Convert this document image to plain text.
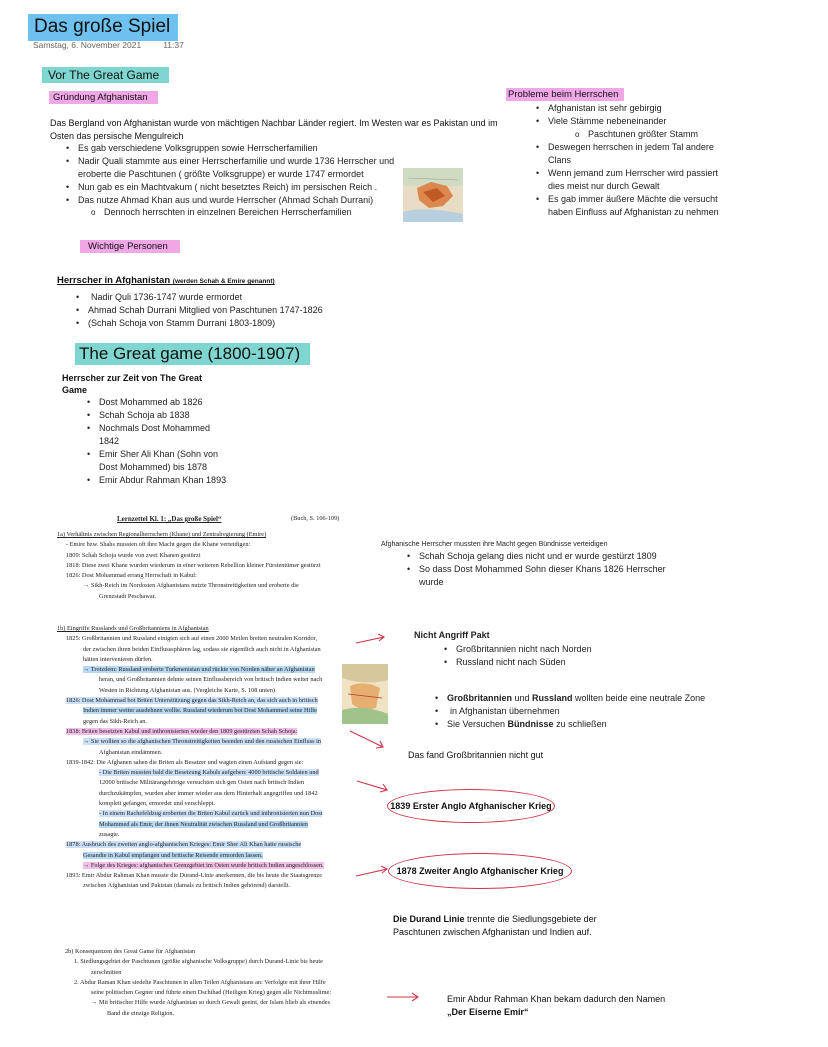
Das große Spiel
Samstag, 6. November 2021	11:37
Vor The Great Game
Gründung Afghanistan
Das Bergland von Afghanistan wurde von mächtigen Nachbar Länder regiert. Im Westen war es Pakistan und im Osten das persische Mengulreich
• Es gab verschiedene Volksgruppen sowie Herrscherfamilien
• Nadir Quali stammte aus einer Herrscherfamilie und wurde 1736 Herrscher und eroberte die Paschtunen ( größte Volksgruppe) er wurde 1747 ermordet
• Nun gab es ein Machtvakum ( nicht besetztes Reich) im persischen Reich .
• Das nutze Ahmad Khan aus und wurde Herrscher (Ahmad Schah Durrani)
o Dennoch herrschten in einzelnen Bereichen Herrscherfamilien
Wichtige Personen
Probleme beim Herrschen
• Afghanistan ist sehr gebirgig
• Viele Stämme nebeneinander
o Paschtunen größter Stamm
• Deswegen herrschen in jedem Tal andere Clans
• Wenn jemand zum Herrscher wird passiert dies meist nur durch Gewalt
• Es gab immer äußere Mächte die versucht haben Einfluss auf Afghanistan zu nehmen
Herrscher in Afghanistan (werden Schah & Emire genannt)
• Nadir Quli 1736-1747 wurde ermordet
• Ahmad Schah Durrani Mitglied von Paschtunen 1747-1826
• (Schah Schoja von Stamm Durrani 1803-1809)
The Great game (1800-1907)
Herrscher zur Zeit von The Great Game
• Dost Mohammed ab 1826
• Schah Schoja ab 1838
• Nochmals Dost Mohammed 1842
• Emir Sher Ali Khan (Sohn von Dost Mohammed) bis 1878
• Emir Abdur Rahman Khan 1893
Lernzettel Kl. 1: „Das große Spiel“	(Buch, S. 106-109)
1a) Verhältnis zwischen Regionalherrschern (Khane) und Zentralregierung (Emire)
- Emire bzw. Shahs mussten oft ihre Macht gegen die Khane verteidigen:
1809: Schah Schoja wurde von zwei Khanen gestürzt
1818: Diese zwei Khane wurden wiederum in einer weiteren Rebellion kleiner Fürstentümer gestürzt
1826: Dost Mohammad errang Herrschaft in Kabul:
→ Sikh-Reich im Nordosten Afghanistans nutzte Thronstreitigkeiten und eroberte die
Grenzstadt Peschawar.
1b) Eingriffe Russlands und Großbritanniens in Afghanistan
1825: Großbritannien und Russland einigten sich auf einen 2000 Meilen breiten neutralen Korridor,
der zwischen ihren beiden Einflusssphären lag, sodass sie eigentlich auch nicht in Afghanistan
hätten intervenieren dürfen.
→ Trotzdem: Russland eroberte Turkmenistan und rückte von Norden näher an Afghanistan
heran, und Großbritannien dehnte seinen Einflussbereich von britisch Indien weiter nach
Westen in Richtung Afghanistan aus. (Vergleiche Karte, S. 108 unten)
1826: Dost Mohammad bot Briten Unterstützung gegen das Sikh-Reich an, das sich auch in britisch
Indien immer weiter ausdehnen wollte. Russland wiederum bot Dost Mohammed seine Hilfe
gegen das Sikh-Reich an.
1838: Briten besetzten Kabul und inthronisierten wieder den 1809 gestürzten Schah Schoja:
→ Sie wollten so die afghanischen Thronstreitigkeiten beenden und den russischen Einfluss in
Afghanistan eindämmen.
1839-1842: Die Afghanen sahen die Briten als Besatzer und wagten einen Aufstand gegen sie:
- Die Briten mussten bald die Besetzung Kabuls aufgeben: 4000 britische Soldaten und
12000 britische Militärangehörige versuchten sich gen Osten nach britisch Indien
durchzukämpfen, wurden aber immer wieder aus dem Hinterhalt angegriffen und 1842
komplett gefangen, ermordet und verschleppt.
- In einem Rachefeldzug eroberten die Briten Kabul zurück und inthronisierten nun Dost
Mohammed als Emir, der ihnen Neutralität zwischen Russland und Großbritannien
zusagte.
1878: Ausbruch des zweiten anglo-afghanischen Krieges: Emir Sher Ali Khan hatte russische
Gesandte in Kabul empfangen und britische Reisende ermorden lassen.
→ Folge des Krieges: afghanisches Grenzgebiet im Osten wurde britisch Indien angeschlossen.
1893: Emir Abdur Rahman Khan musste die Durand-Linie anerkennen, die bis heute die Staatsgrenze
zwischen Afghanistan und Pakistan (damals zu britisch Indien gehörend) darstellt.
2b) Konsequenzen des Great Game für Afghanistan
1. Siedlungsgebiet der Paschtunen (größte afghanische Volksgruppe) durch Durand-Linie bis heute
zerschnitten
2. Abdur Raman Khan siedelte Paschtunen in allen Teilen Afghanistans an: Verfolgte mit ihrer Hilfe
seine politischen Gegner und führte einen Dschihad (Heiligen Krieg) gegen alle Nichtmuslime:
→ Mit britischer Hilfe wurde Afghanistan so durch Gewalt geeint, der Islam blieb als einendes
Band die einzige Religion.
Afghanische Herrscher mussten ihre Macht gegen Bündnisse verteidigen
• Schah Schoja gelang dies nicht und er wurde gestürzt 1809
• So dass Dost Mohammed Sohn dieser Khans 1826 Herrscher wurde
Nicht Angriff Pakt
• Großbritannien nicht nach Norden
• Russland nicht nach Süden
• Großbritannien und Russland wollten beide eine neutrale Zone
• in Afghanistan übernehmen
• Sie Versuchen Bündnisse zu schließen
Das fand Großbritannien nicht gut
1839 Erster Anglo Afghanischer Krieg
1878 Zweiter Anglo Afghanischer Krieg
Die Durand Linie trennte die Siedlungsgebiete der Paschtunen zwischen Afghanistan und Indien auf.
Emir Abdur Rahman Khan bekam dadurch den Namen
„Der Eiserne Emir“
